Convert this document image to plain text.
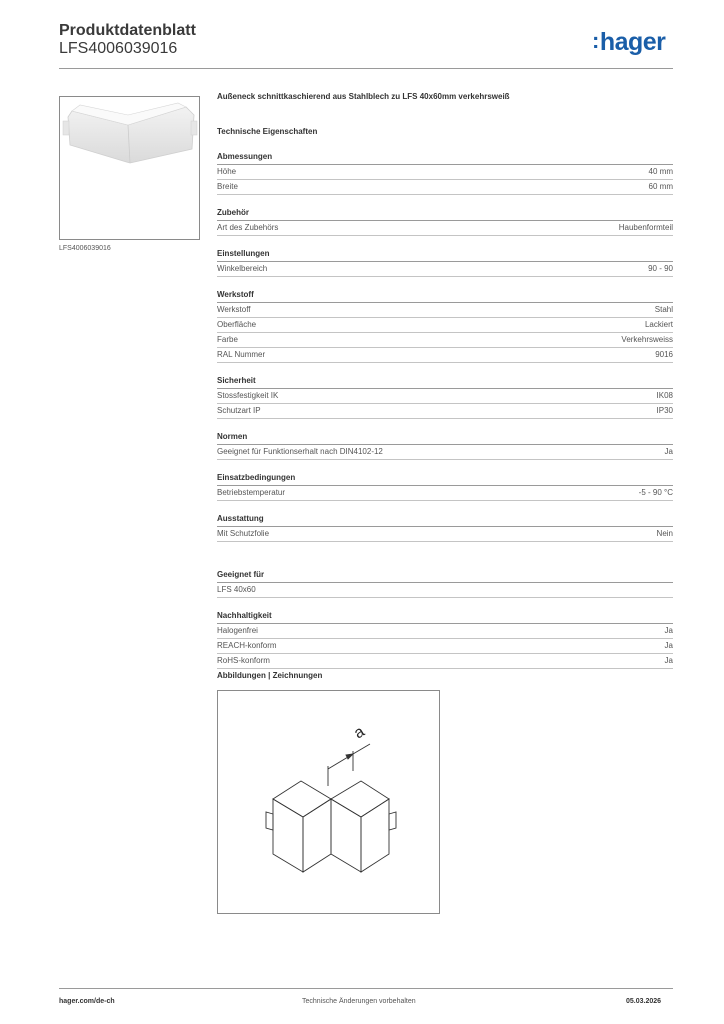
Produktdatenblatt
LFS4006039016	:hager
LFS4006039016
Außeneck schnittkaschierend aus Stahlblech zu LFS 40x60mm verkehrsweiß
Technische Eigenschaften
Abmessungen
Höhe	40 mm
Breite	60 mm
Zubehör
Art des Zubehörs	Haubenformteil
Einstellungen
Winkelbereich	90 - 90
Werkstoff
Werkstoff	Stahl
Oberfläche	Lackiert
Farbe	Verkehrsweiss
RAL Nummer	9016
Sicherheit
Stossfestigkeit IK	IK08
Schutzart IP	IP30
Normen
Geeignet für Funktionserhalt nach DIN4102-12	Ja
Einsatzbedingungen
Betriebstemperatur	-5 - 90 °C
Ausstattung
Mit Schutzfolie	Nein
Geeignet für
LFS 40x60
Nachhaltigkeit
Halogenfrei	Ja
REACH-konform	Ja
RoHS-konform	Ja
Abbildungen | Zeichnungen
a
hager.com/de-ch	Technische Änderungen vorbehalten	05.03.2026
